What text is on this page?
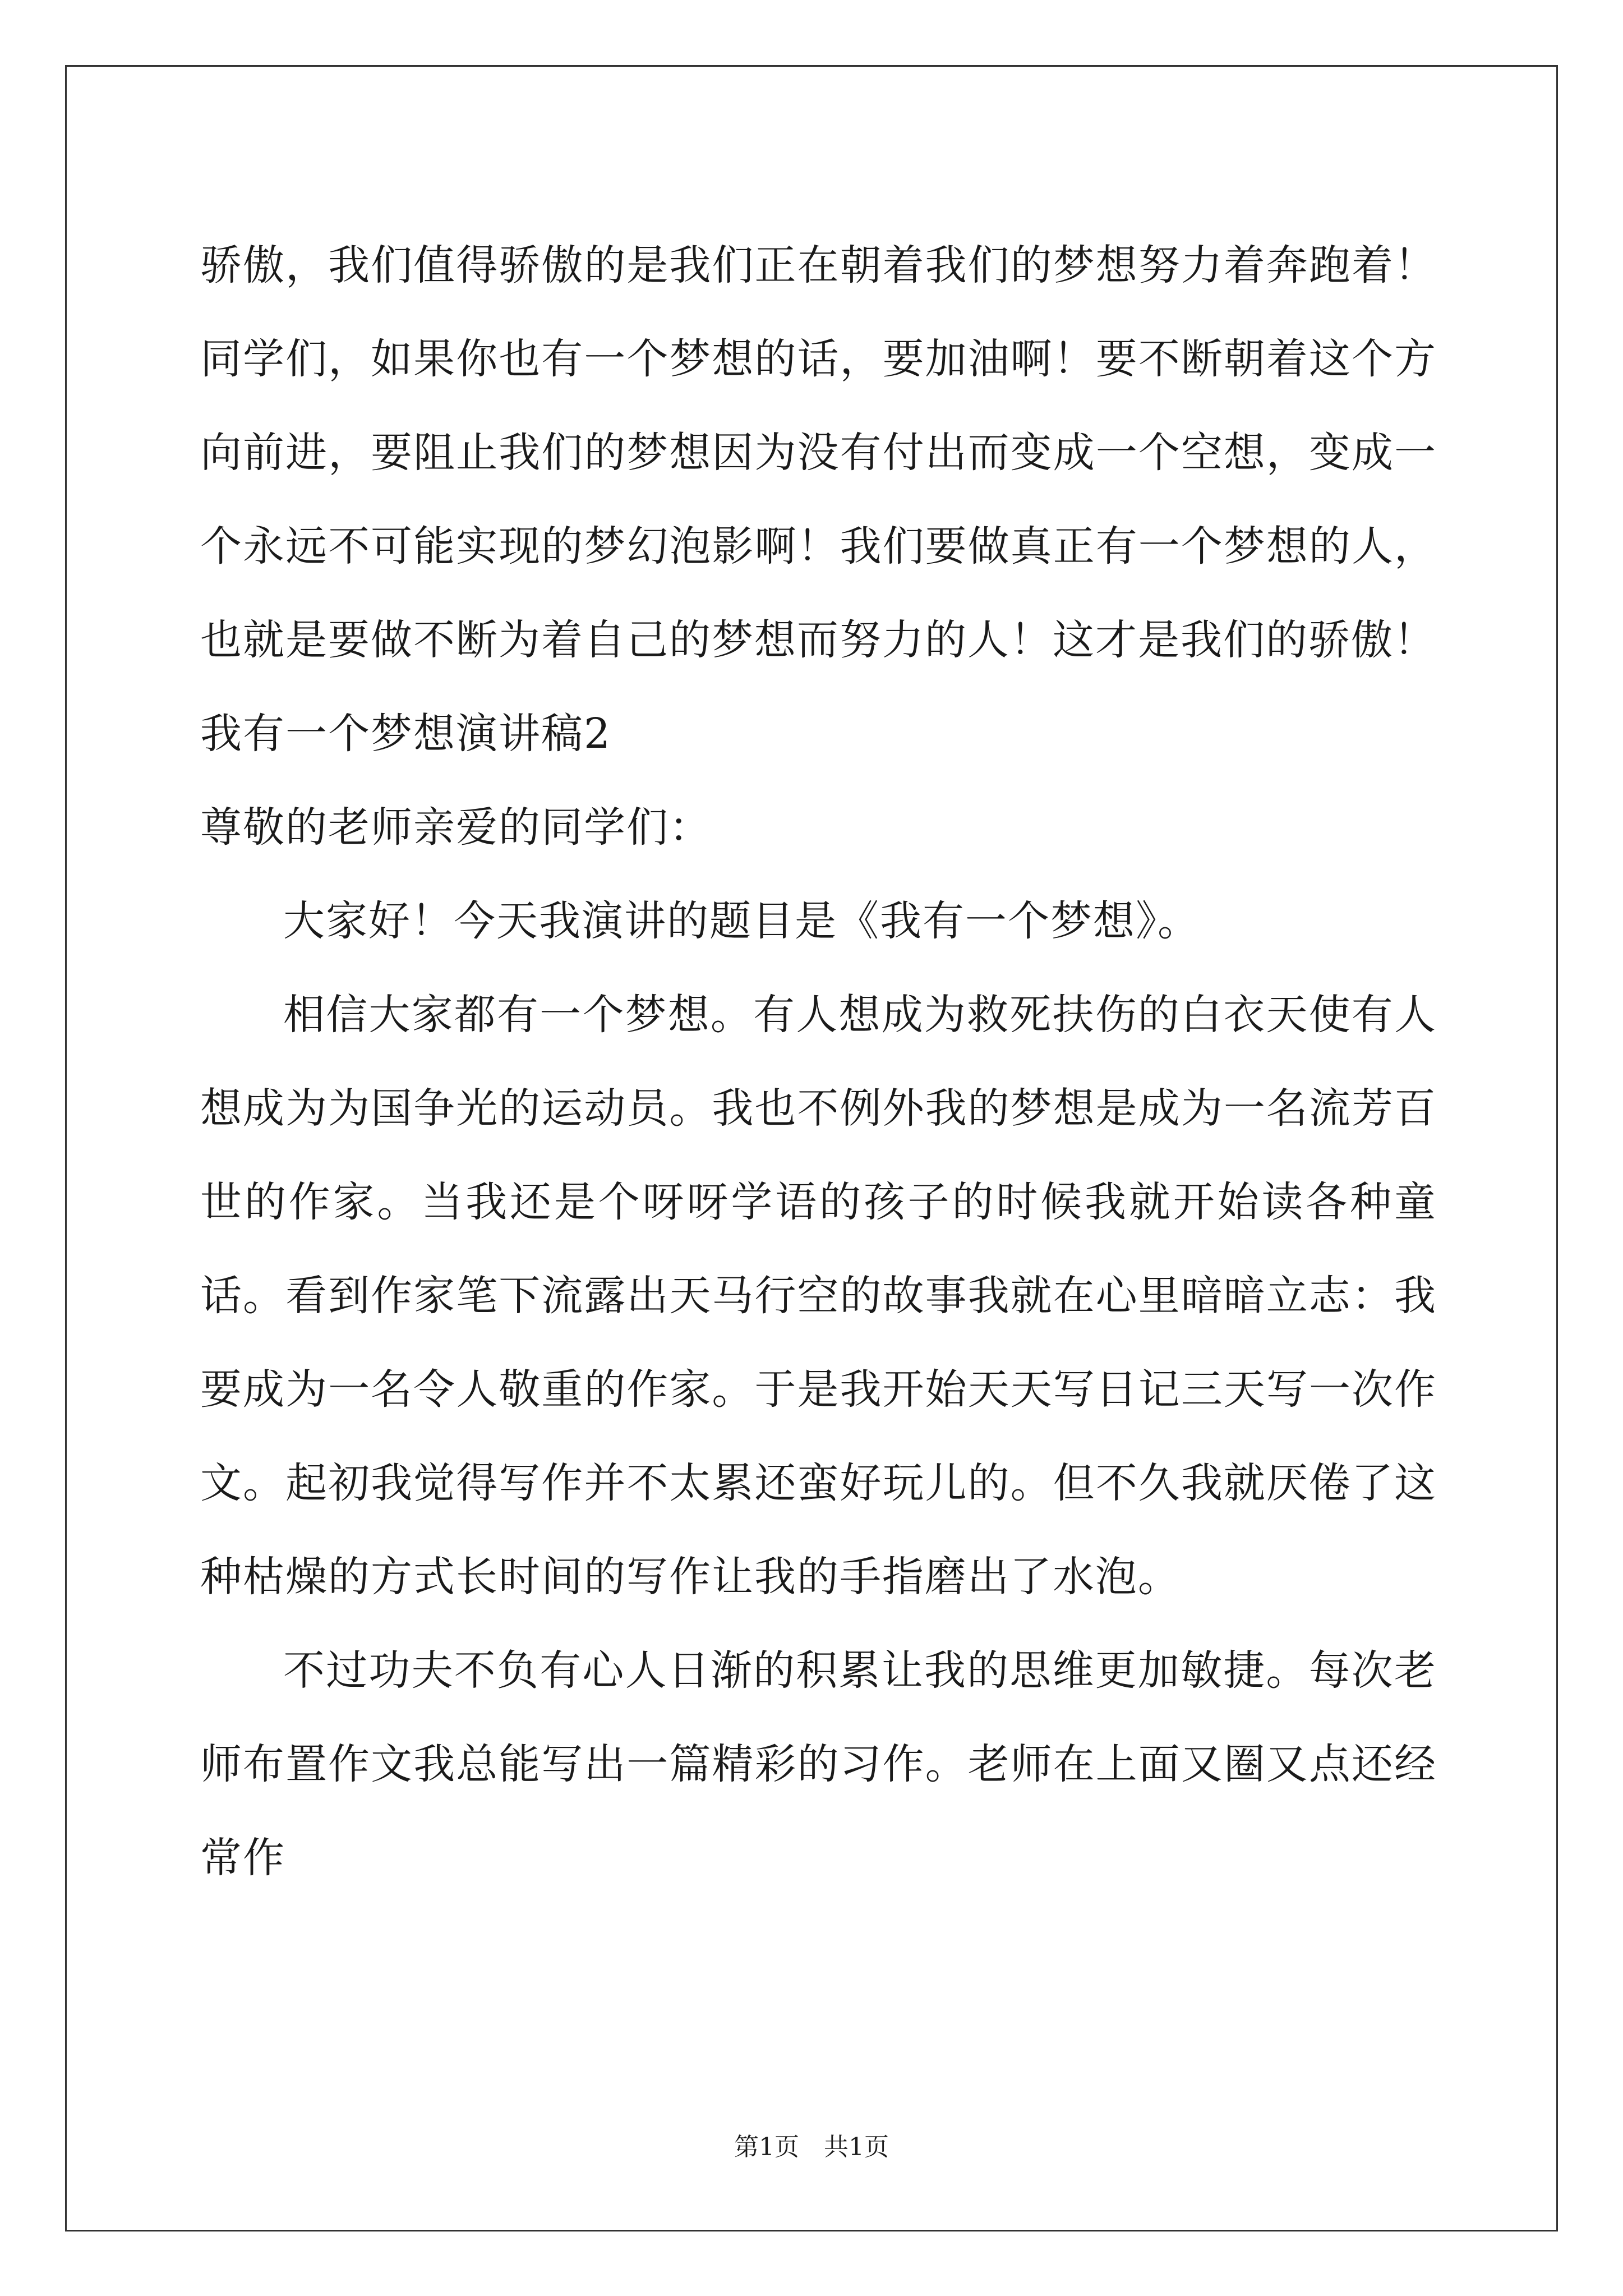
骄傲，我们值得骄傲的是我们正在朝着我们的梦想努力着奔跑着！同学们，如果你也有一个梦想的话，要加油啊！要不断朝着这个方向前进，要阻止我们的梦想因为没有付出而变成一个空想，变成一个永远不可能实现的梦幻泡影啊！我们要做真正有一个梦想的人，也就是要做不断为着自己的梦想而努力的人！这才是我们的骄傲！

我有一个梦想演讲稿2

尊敬的老师亲爱的同学们：

大家好！今天我演讲的题目是《我有一个梦想》。

相信大家都有一个梦想。有人想成为救死扶伤的白衣天使有人想成为为国争光的运动员。我也不例外我的梦想是成为一名流芳百世的作家。当我还是个呀呀学语的孩子的时候我就开始读各种童话。看到作家笔下流露出天马行空的故事我就在心里暗暗立志：我要成为一名令人敬重的作家。于是我开始天天写日记三天写一次作文。起初我觉得写作并不太累还蛮好玩儿的。但不久我就厌倦了这种枯燥的方式长时间的写作让我的手指磨出了水泡。

不过功夫不负有心人日渐的积累让我的思维更加敏捷。每次老师布置作文我总能写出一篇精彩的习作。老师在上面又圈又点还经常作

第1页 共1页
